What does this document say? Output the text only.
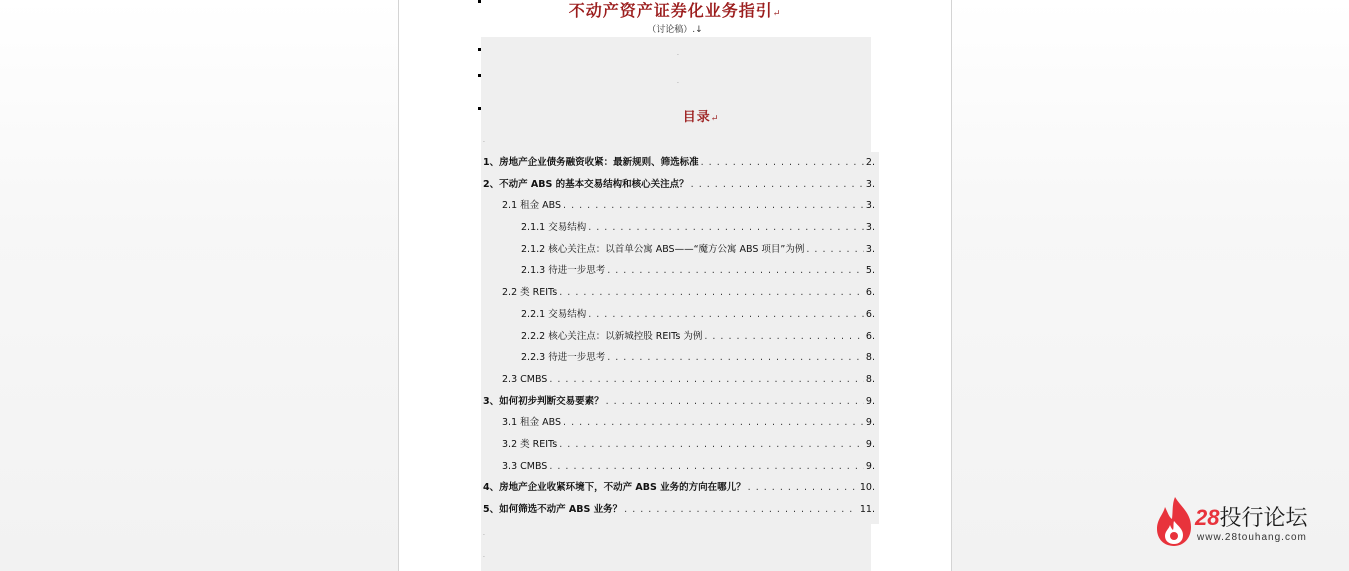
不动产资产证券化业务指引↵
（讨论稿）.↓
.
.
.
目录↵
1、房地产企业债务融资收紧：最新规则、筛选标准 . . .	2.
2、不动产 ABS 的基本交易结构和核心关注点？ . . .	3.
2.1 租金 ABS . . .	3.
2.1.1 交易结构 . . .	3.
2.1.2 核心关注点：以首单公寓 ABS——“魔方公寓 ABS 项目”为例 . . .	3.
2.1.3 待进一步思考 . . .	5.
2.2 类 REITs . . .	6.
2.2.1 交易结构 . . .	6.
2.2.2 核心关注点：以新城控股 REITs 为例 . . .	6.
2.2.3 待进一步思考 . . .	8.
2.3 CMBS . . .	8.
3、如何初步判断交易要素？ . . .	9.
3.1 租金 ABS . . .	9.
3.2 类 REITs . . .	9.
3.3 CMBS . . .	9.
4、房地产企业收紧环境下，不动产 ABS 业务的方向在哪儿？ . . .	10.
5、如何筛选不动产 ABS 业务？ . . .	11.
.
.
28投行论坛
www.28touhang.com
